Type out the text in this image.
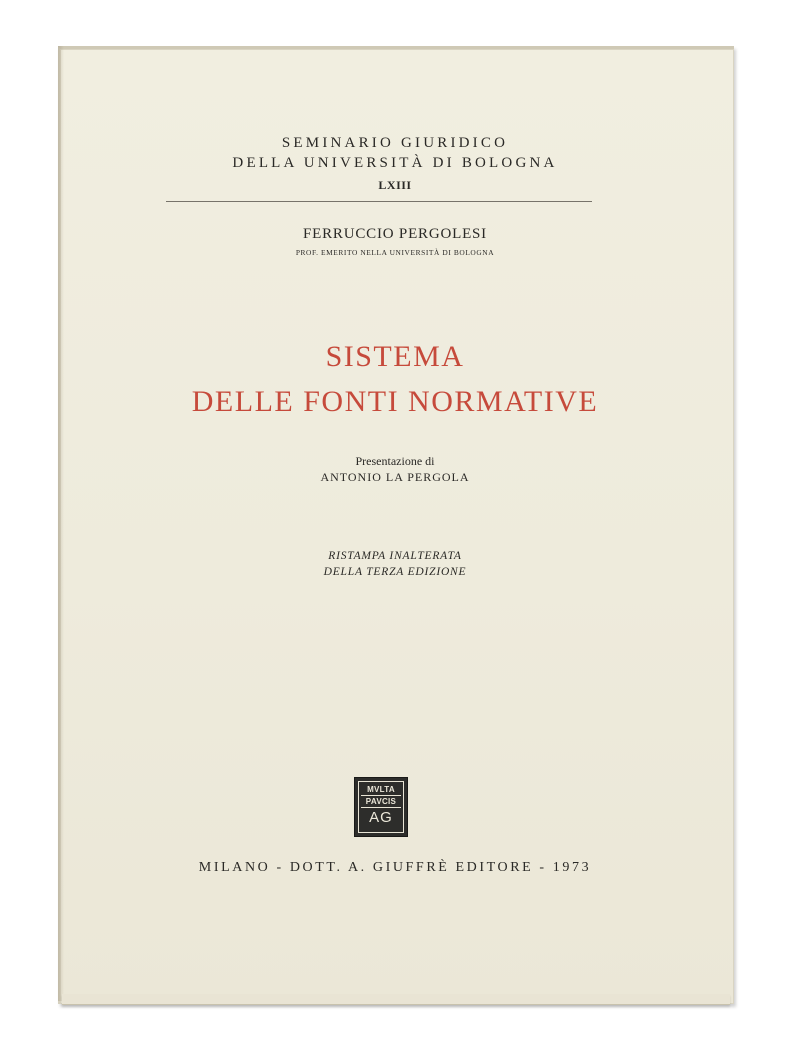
SEMINARIO GIURIDICO
DELLA UNIVERSITÀ DI BOLOGNA
LXIII
FERRUCCIO PERGOLESI
PROF. EMERITO NELLA UNIVERSITÀ DI BOLOGNA
SISTEMA
DELLE FONTI NORMATIVE
Presentazione di
ANTONIO LA PERGOLA
RISTAMPA INALTERATA
DELLA TERZA EDIZIONE
MVLTA
PAVCIS
AG
MILANO - DOTT. A. GIUFFRÈ EDITORE - 1973
